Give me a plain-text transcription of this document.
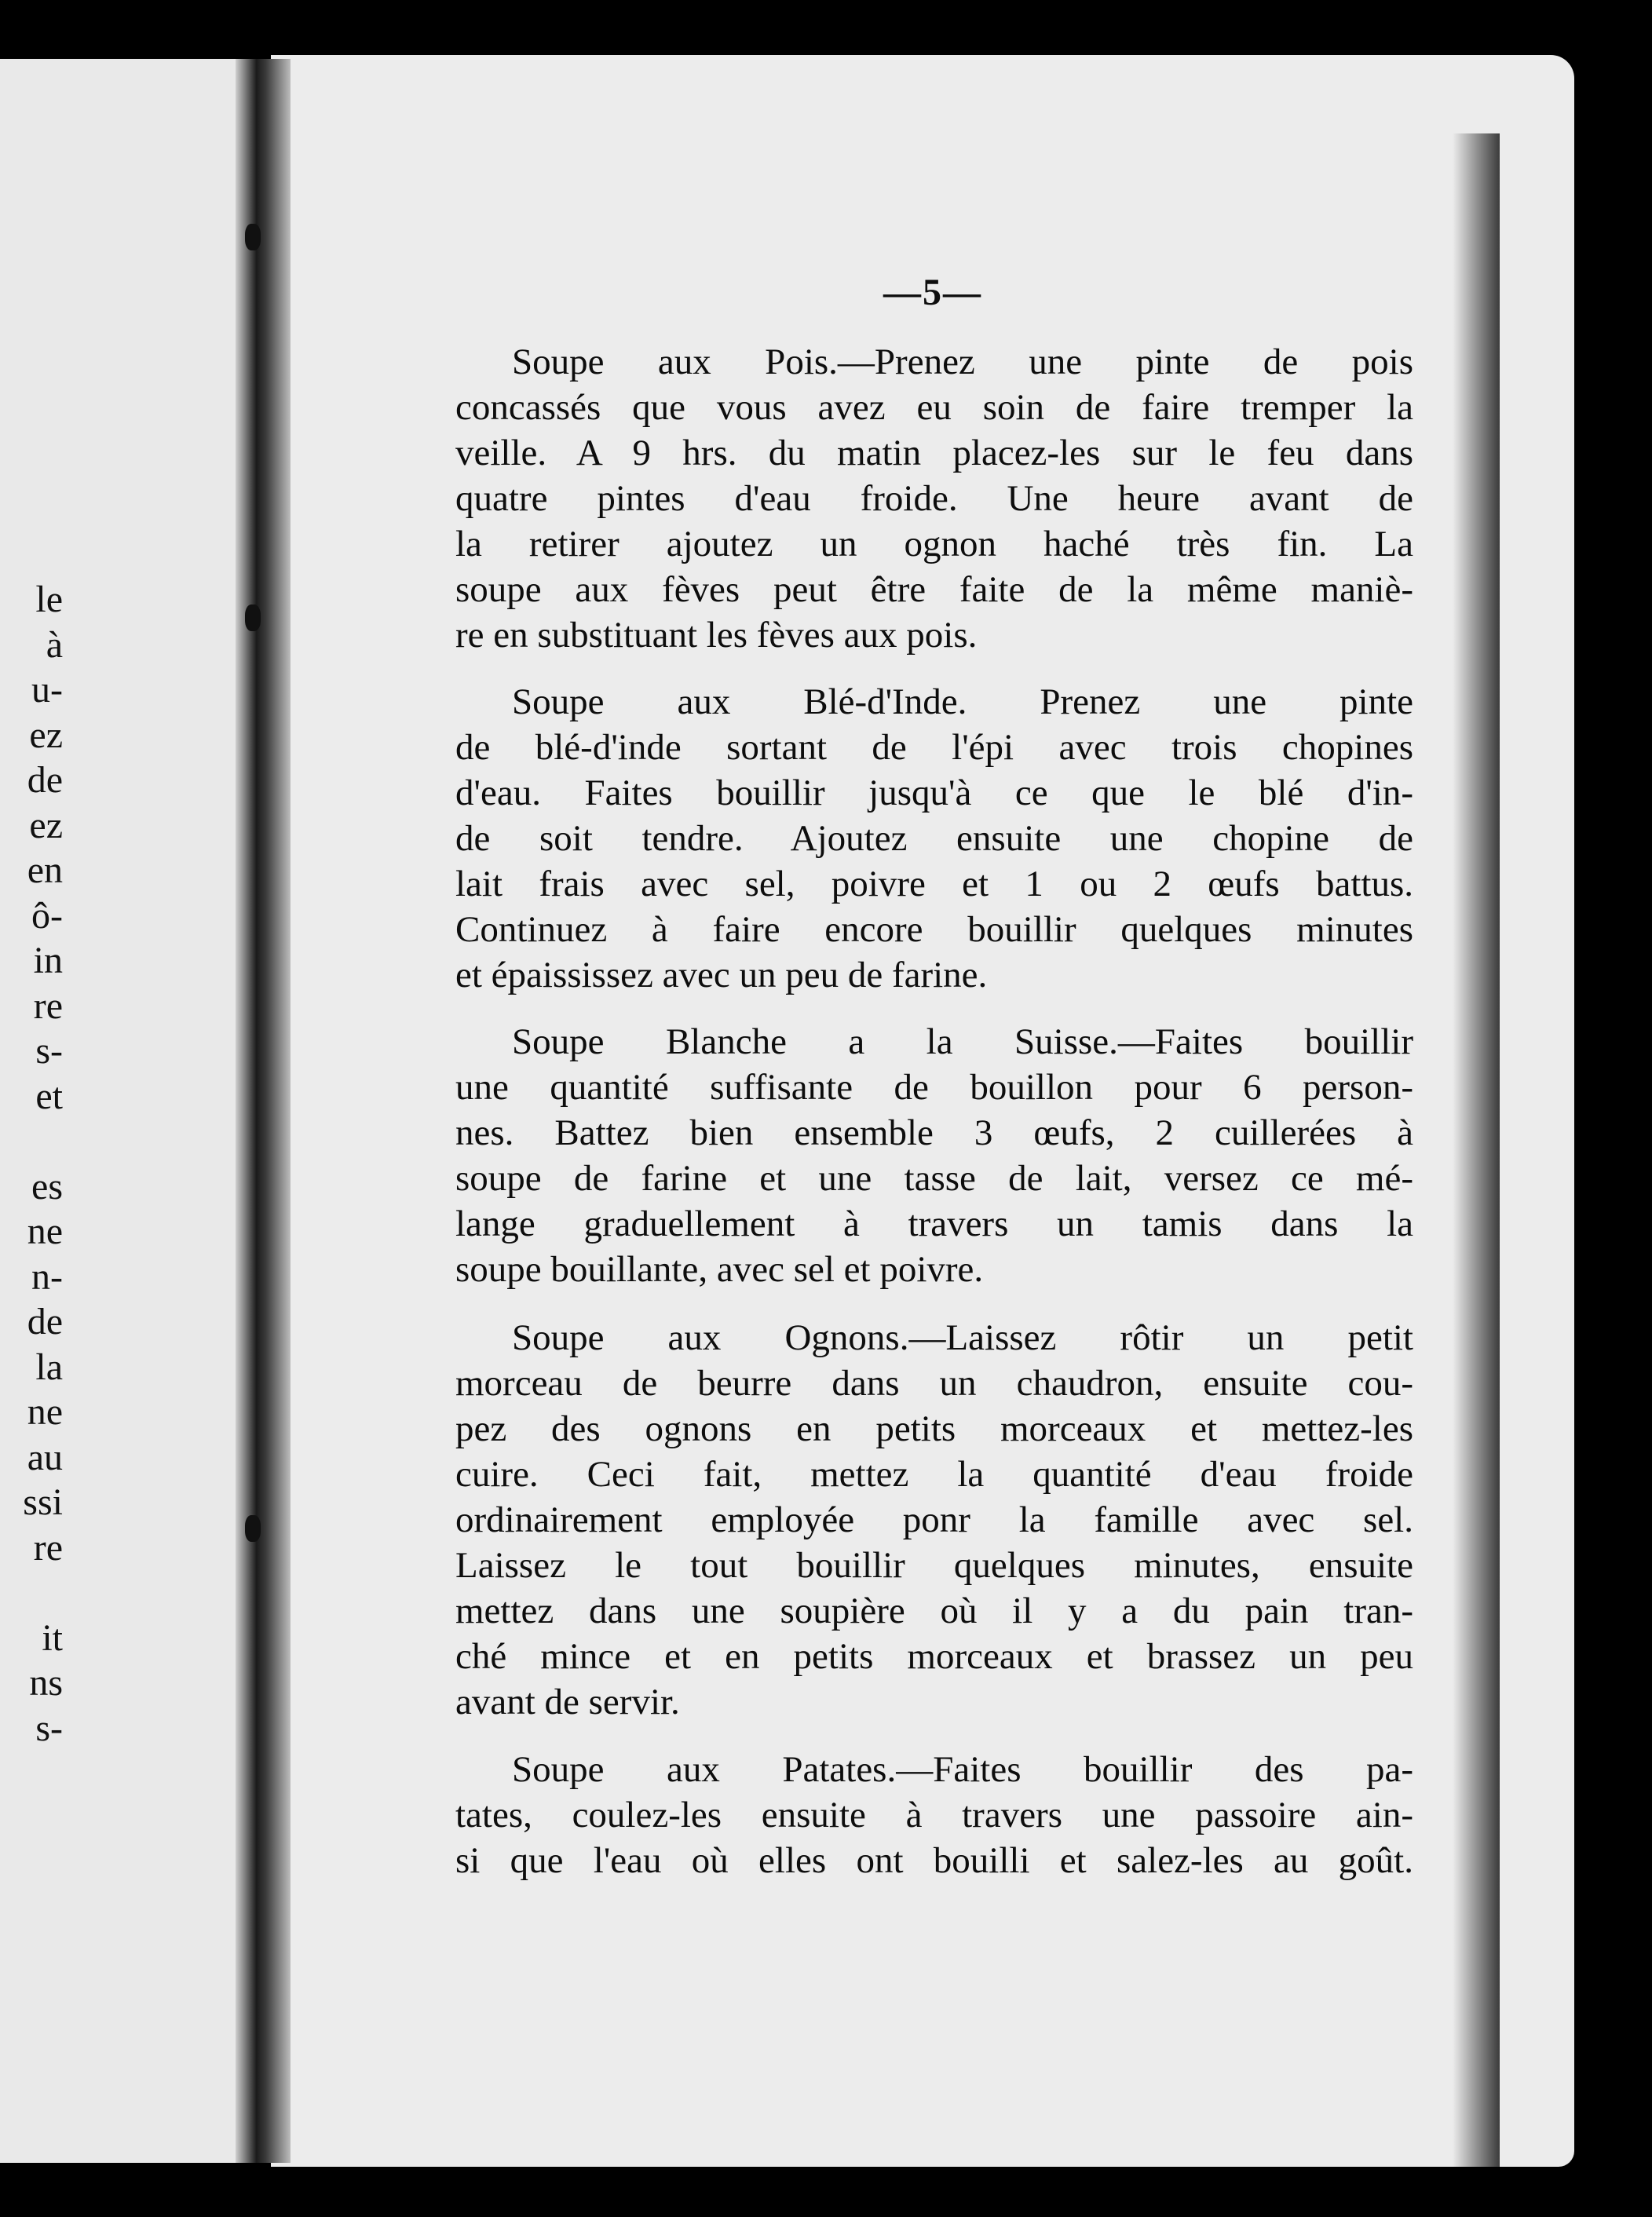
le
à
u-
ez
de
ez
en
ô-
in
re
s-
et
es
ne
n-
de
la
ne
au
ssi
re
it
ns
s-
—5—
Soupe aux Pois.—Prenez une pinte de pois
concassés que vous avez eu soin de faire tremper la
veille. A 9 hrs. du matin placez-les sur le feu dans
quatre pintes d'eau froide. Une heure avant de
la retirer ajoutez un ognon haché très fin. La
soupe aux fèves peut être faite de la même maniè-
re en substituant les fèves aux pois.
Soupe aux Blé-d'Inde. Prenez une pinte
de blé-d'inde sortant de l'épi avec trois chopines
d'eau. Faites bouillir jusqu'à ce que le blé d'in-
de soit tendre. Ajoutez ensuite une chopine de
lait frais avec sel, poivre et 1 ou 2 œufs battus.
Continuez à faire encore bouillir quelques minutes
et épaississez avec un peu de farine.
Soupe Blanche a la Suisse.—Faites bouillir
une quantité suffisante de bouillon pour 6 person-
nes. Battez bien ensemble 3 œufs, 2 cuillerées à
soupe de farine et une tasse de lait, versez ce mé-
lange graduellement à travers un tamis dans la
soupe bouillante, avec sel et poivre.
Soupe aux Ognons.—Laissez rôtir un petit
morceau de beurre dans un chaudron, ensuite cou-
pez des ognons en petits morceaux et mettez-les
cuire. Ceci fait, mettez la quantité d'eau froide
ordinairement employée ponr la famille avec sel.
Laissez le tout bouillir quelques minutes, ensuite
mettez dans une soupière où il y a du pain tran-
ché mince et en petits morceaux et brassez un peu
avant de servir.
Soupe aux Patates.—Faites bouillir des pa-
tates, coulez-les ensuite à travers une passoire ain-
si que l'eau où elles ont bouilli et salez-les au goût.
